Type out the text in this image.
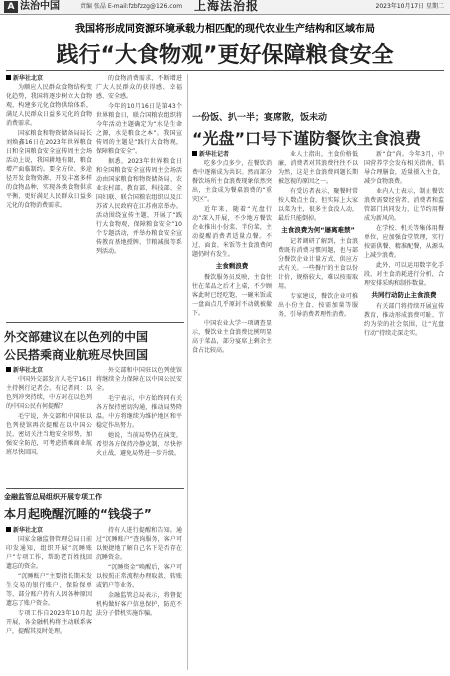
A 法治中国	责编 张晶 E-mail:fzbfzzg@126.com 上海法治报	2023年10月17日 星期二
我国将形成同资源环境承载力相匹配的现代农业生产结构和区域布局
践行“大食物观”更好保障粮食安全
新华社北京

为顺应人民群众食物结构变化趋势，我国将逐步树立大食物观，构建多元化食物供给体系，满足人民群众日益多元化的食物消费需求。

国家粮食和物资储备局局长刘焕鑫16日在2023年世界粮食日和全国粮食安全宣传周主会场活动上说，我国耕地有限，粮食增产面临制约。要全方位、多途径开发食物资源，开发丰富多样的食物品种，实现各类食物供求平衡，更好满足人民群众日益多元化的食物消费需求。

的食物消费需求，不断增进广大人民群众的获得感、幸福感、安全感。

今年的10月16日是第43个世界粮食日，联合国粮农组织将今年活动主题确定为“水是生命之源，水是粮食之本”。我国宣传周的主题是“践行大食物观，保障粮食安全”。

据悉，2023年世界粮食日和全国粮食安全宣传周主会场活动由国家粮食和物资储备局、农业农村部、教育部、科技部、全国妇联、联合国粮农组织以及江苏省人民政府在江苏南京举办。活动围绕宣传主题，开展了“践行大食物观，保障粮食安全”10个专题活动，并举办粮食安全宣传教育基地授牌、节粮减损等系列活动。

一份饭、扒一半；宴席散，饭未动
“光盘”口号下谨防餐饮主食浪费
新华社记者

吃多少点多少，在餐饮消费中逐渐成为共识。然而部分餐饮场所主食浪费现象依然突出，主食成为餐桌浪费的“重灾区”。

近年来，随着“光盘行动”深入开展，不少地方餐饮企业推出小份菜、半份菜，主动提醒消费者适量点餐。不过，面食、米饭等主食浪费问题仍时有发生。

主食剩浪费

餐饮服务员反映，主食往往在菜品之后才上桌，不少顾客此时已经吃饱，一碗米饭或一盘面点几乎原封不动就被撤下。

中国农业大学一项调查显示，餐饮业主食浪费比例明显高于菜品，部分宴席上剩余主食占比较高。

业人士指出，主食价格低廉，消费者对其浪费往往不以为然，这是主食浪费问题长期被忽视的原因之一。

有受访者表示，聚餐时常按人数点主食，但实际上大家以菜为主，很多主食没人动，最后只能倒掉。

主食浪费为何“屡离难禁”

记者调研了解到，主食浪费既有消费习惯问题，也与部分餐饮企业计量方式、供应方式有关。一些餐厅的主食以份计价，规格较大，难以按需取用。

专家建议，餐饮企业可推出小份主食、按需加量等服务，引导消费者理性消费。

新“食”尚。今年3月，中国营养学会发布相关指南，倡导合理膳食，适量摄入主食，减少食物浪费。

业内人士表示，制止餐饮浪费需要经营者、消费者和监管部门共同发力，让节约用餐成为新风尚。

在学校、机关等集体用餐单位，应加强食堂管理，实行按需供餐、精准配餐，从源头上减少浪费。

此外，可以运用数字化手段，对主食消耗进行分析，合理安排采购和制作数量。

共同行动防止主食浪费

有关部门将持续开展宣传教育，推动形成浪费可耻、节约为荣的社会氛围，让“光盘行动”持续走深走实。

外交部建议在以色列的中国
公民搭乘商业航班尽快回国
新华社北京

中国外交部发言人毛宁16日主持例行记者会。有记者问：以色列冲突持续，中方对在以色列的中国公民有何提醒？

毛宁说，外交部和中国驻以色列使馆再次提醒在以中国公民，密切关注当地安全形势，加强安全防范，可考虑搭乘商业航班尽快回国。

外交部和中国驻以色列使馆将继续全力保障在以中国公民安全。

毛宁表示，中方始终同有关各方保持密切沟通，推动局势降温。中方将继续为维护地区和平稳定作出努力。

她说，当前局势仍在演变，希望各方保持冷静克制，尽快停火止战，避免局势进一步升级。

金融监管总局组织开展专项工作
本月起晚醒沉睡的“钱袋子”
新华社北京

国家金融监督管理总局日前印发通知，组织开展“沉睡账户”专项工作，帮助老百姓找回遗忘的资金。

“沉睡账户”主要指长期未发生交易的银行账户、保险保单等，部分账户持有人因各种原因遗忘了账户资金。

专项工作自2023年10月起开展，各金融机构将主动联系客户，提醒其及时处理。

持有人进行提醒和告知。通过“沉睡账户”查询服务，客户可以便捷地了解自己名下是否存在沉睡资金。

“沉睡资金”唤醒后，客户可以按照正常流程办理取款、转账或销户等业务。

金融监管总局表示，将督促机构做好客户信息保护，防范不法分子借机实施诈骗。
